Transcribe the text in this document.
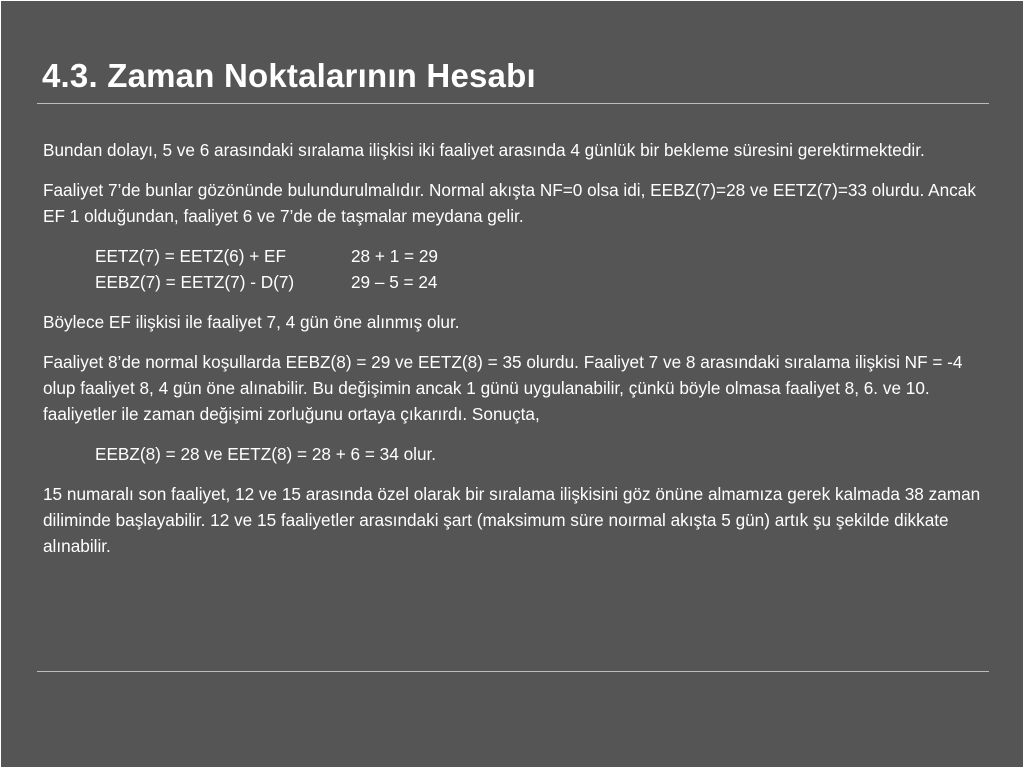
4.3. Zaman Noktalarının Hesabı

Bundan dolayı, 5 ve 6 arasındaki sıralama ilişkisi iki faaliyet arasında 4 günlük bir bekleme süresini gerektirmektedir.

Faaliyet 7’de bunlar gözönünde bulundurulmalıdır. Normal akışta NF=0 olsa idi, EEBZ(7)=28 ve EETZ(7)=33 olurdu. Ancak EF 1 olduğundan, faaliyet 6 ve 7’de de taşmalar meydana gelir.

EETZ(7) = EETZ(6) + EF	28 + 1 = 29
EEBZ(7) = EETZ(7) - D(7)	29 – 5 = 24

Böylece EF ilişkisi ile faaliyet 7, 4 gün öne alınmış olur.

Faaliyet 8’de normal koşullarda EEBZ(8) = 29 ve EETZ(8) = 35 olurdu. Faaliyet 7 ve 8 arasındaki sıralama ilişkisi NF = -4 olup faaliyet 8, 4 gün öne alınabilir. Bu değişimin ancak 1 günü uygulanabilir, çünkü böyle olmasa faaliyet 8, 6. ve 10. faaliyetler ile zaman değişimi zorluğunu ortaya çıkarırdı. Sonuçta,

EEBZ(8) = 28 ve EETZ(8) = 28 + 6 = 34 olur.

15 numaralı son faaliyet, 12 ve 15 arasında özel olarak bir sıralama ilişkisini göz önüne almamıza gerek kalmada 38 zaman diliminde başlayabilir. 12 ve 15 faaliyetler arasındaki şart (maksimum süre noırmal akışta 5 gün) artık şu şekilde dikkate alınabilir.
